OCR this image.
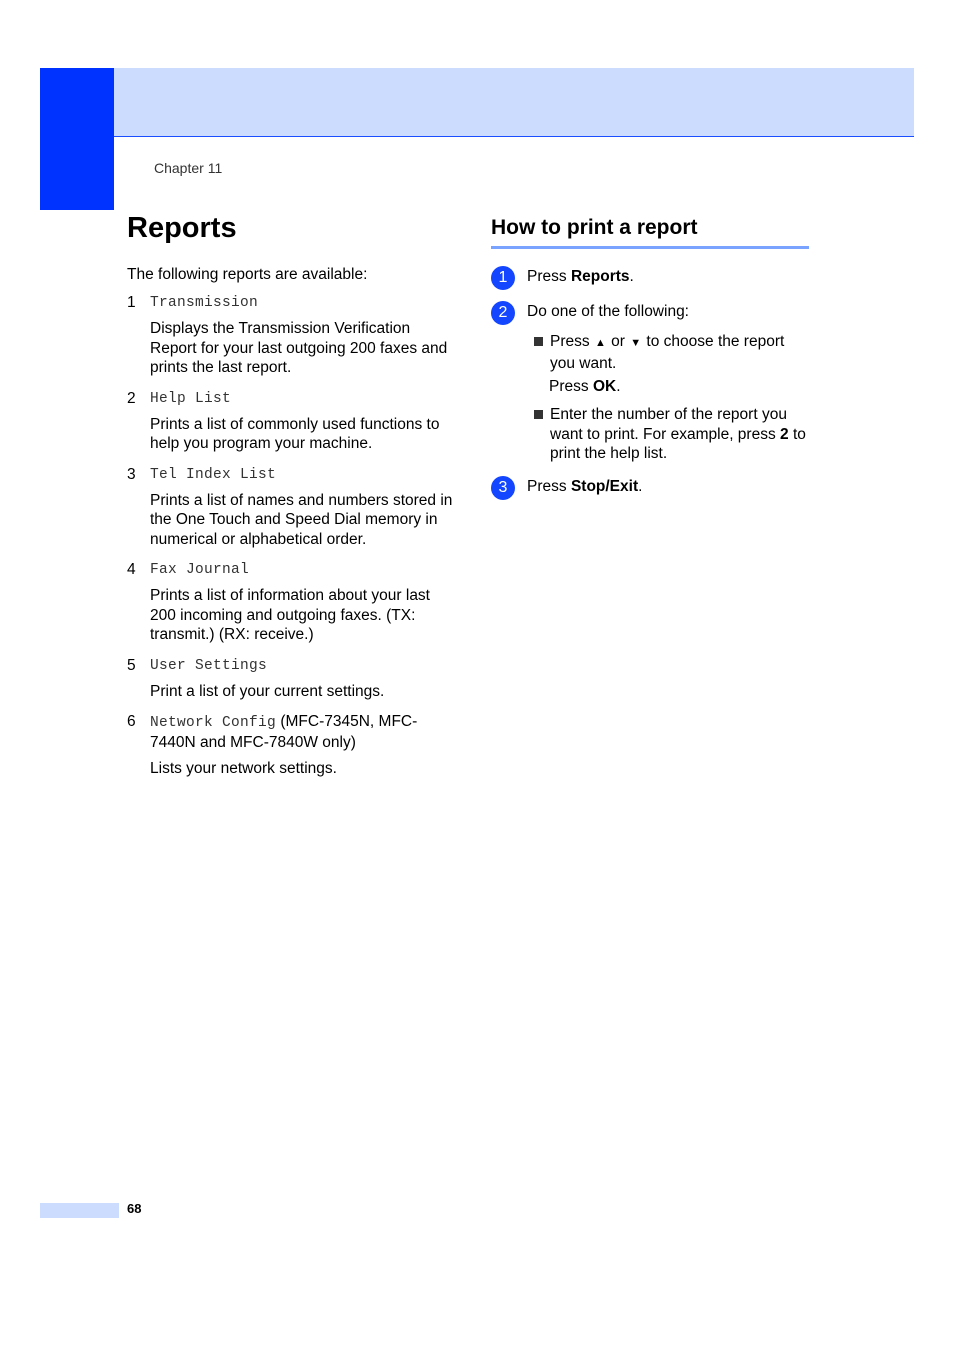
Chapter 11
Reports
The following reports are available:
1 Transmission
Displays the Transmission Verification Report for your last outgoing 200 faxes and prints the last report.
2 Help List
Prints a list of commonly used functions to help you program your machine.
3 Tel Index List
Prints a list of names and numbers stored in the One Touch and Speed Dial memory in numerical or alphabetical order.
4 Fax Journal
Prints a list of information about your last 200 incoming and outgoing faxes. (TX: transmit.) (RX: receive.)
5 User Settings
Print a list of your current settings.
6 Network Config (MFC-7345N, MFC-7440N and MFC-7840W only)
Lists your network settings.
How to print a report
1	Press Reports.
2	Do one of the following:
Press ▲ or ▼ to choose the report you want.
Press OK.
Enter the number of the report you want to print. For example, press 2 to print the help list.
3	Press Stop/Exit.
68
